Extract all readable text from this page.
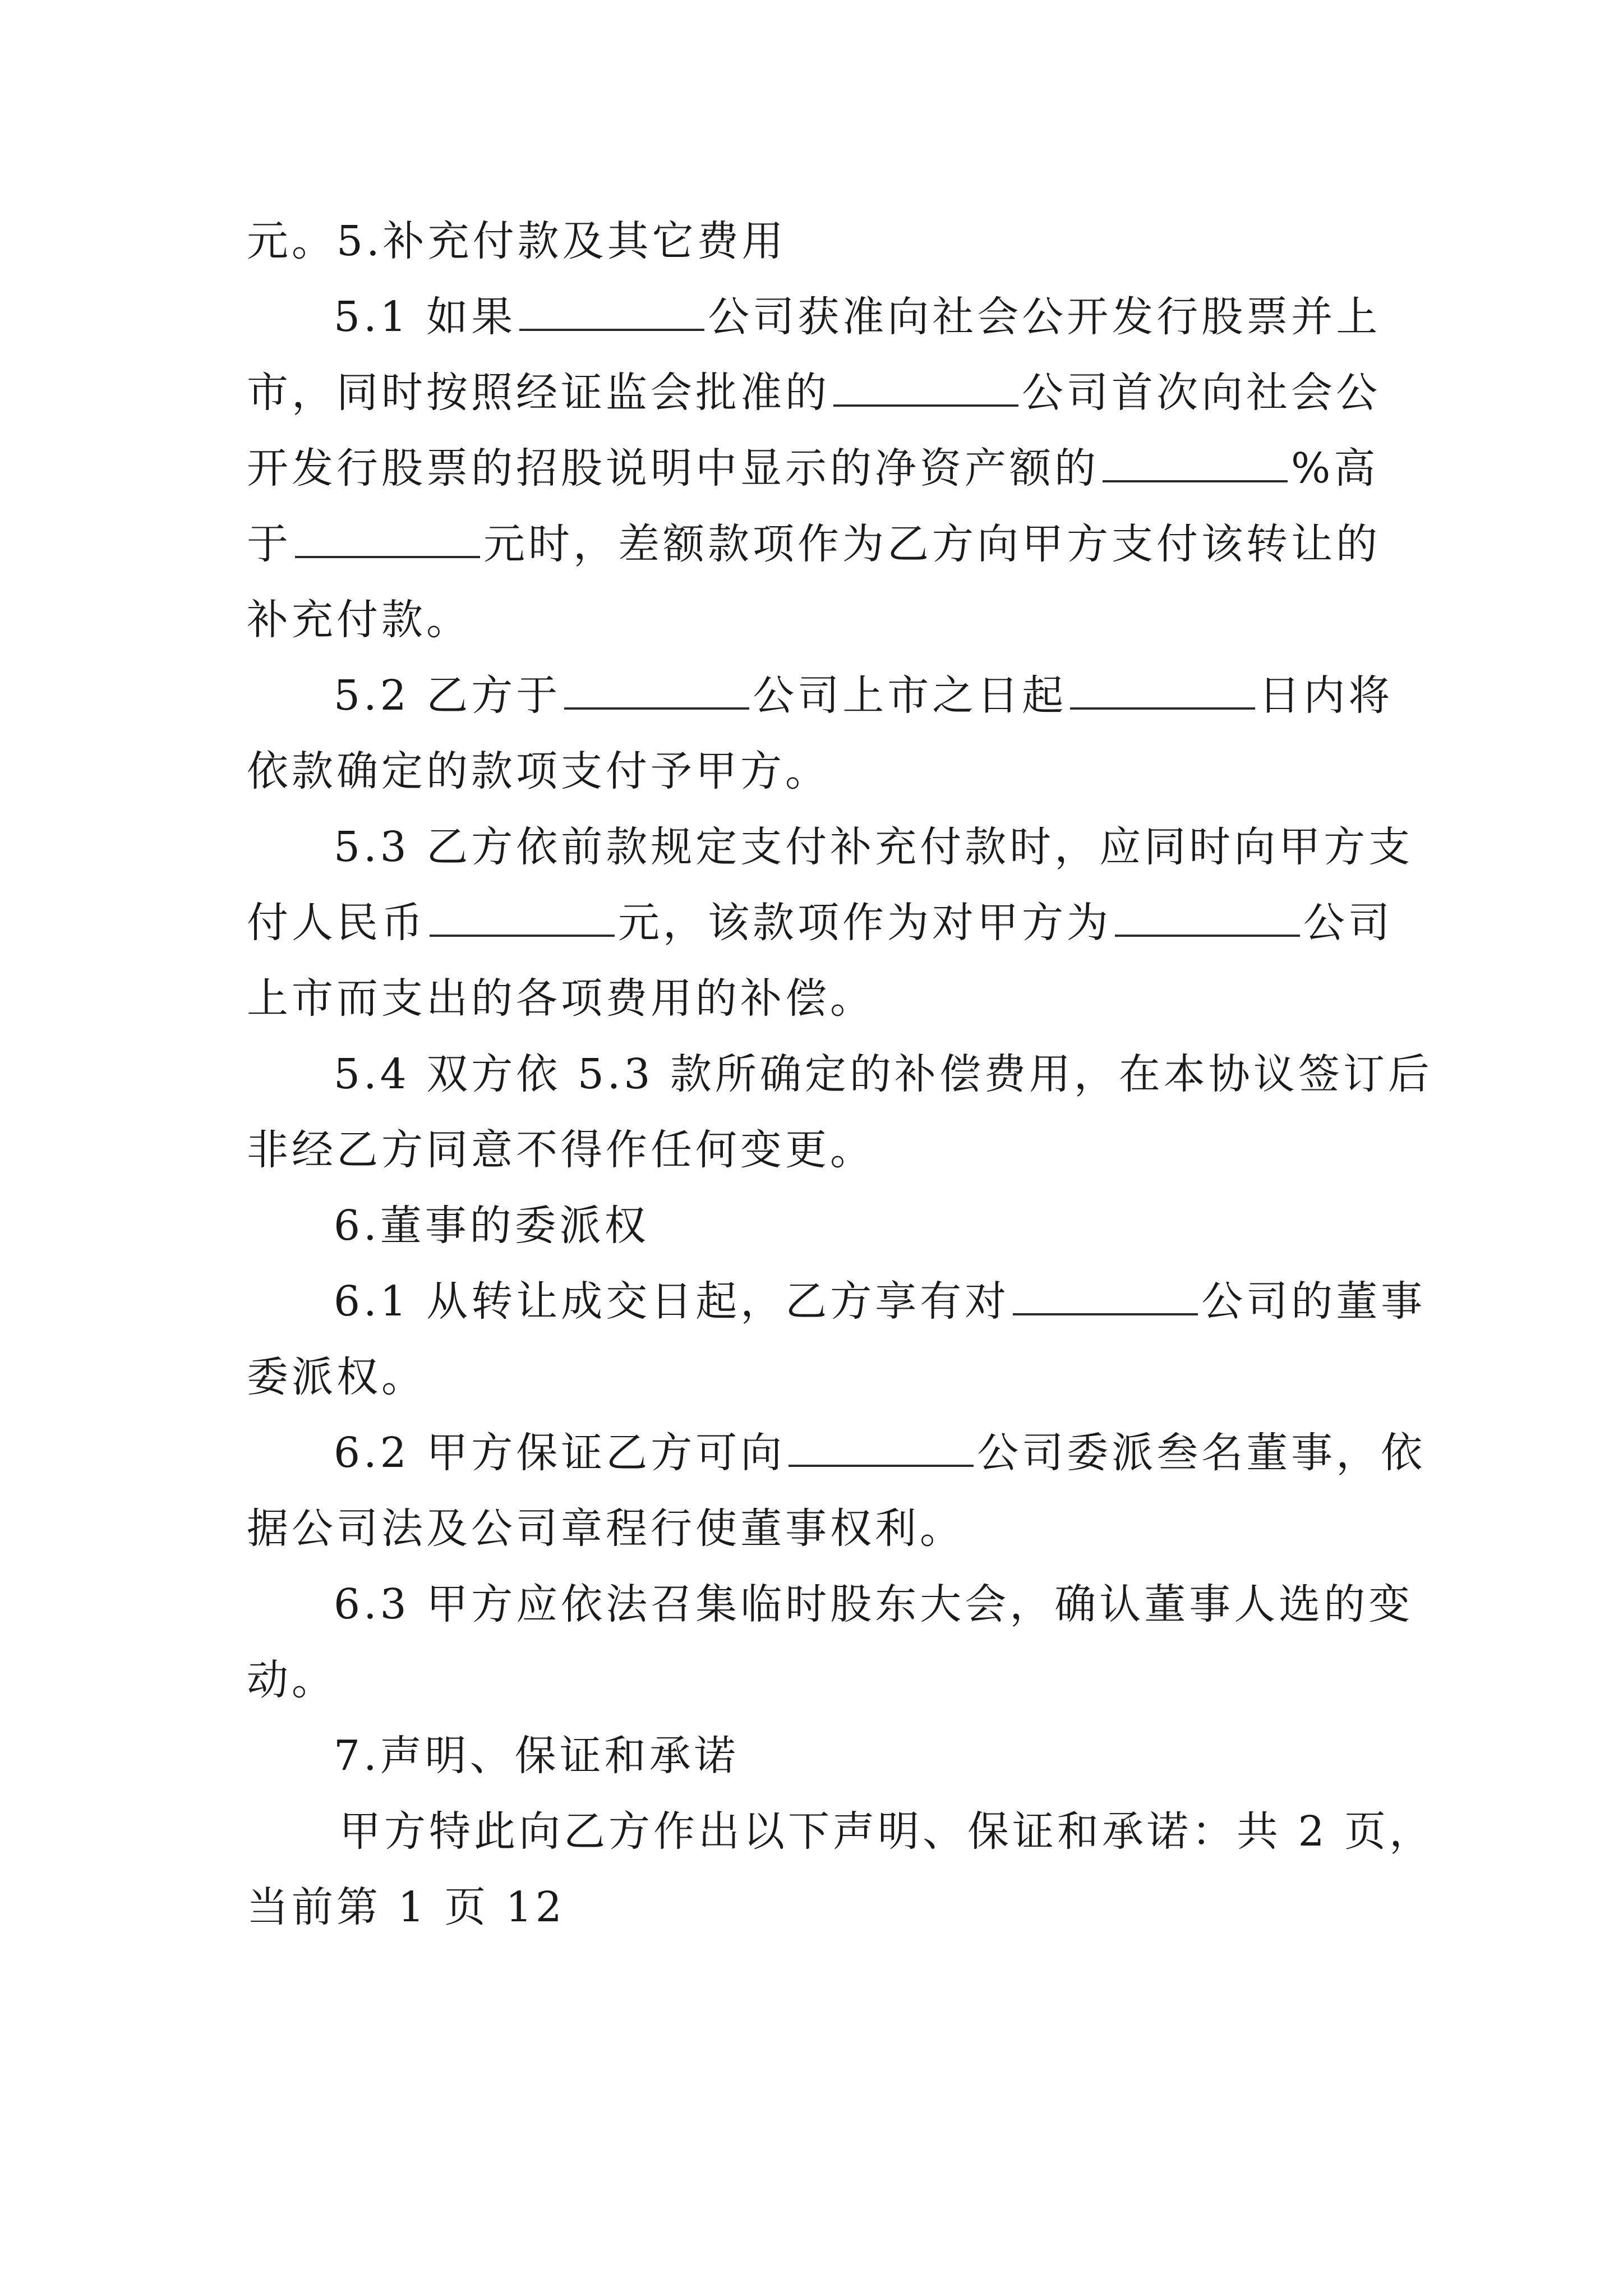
元。5.补充付款及其它费用
5.1 如果	公司获准向社会公开发行股票并上
市，同时按照经证监会批准的	公司首次向社会公
开发行股票的招股说明中显示的净资产额的	%高
于	元时，差额款项作为乙方向甲方支付该转让的
补充付款。
5.2 乙方于	公司上市之日起	日内将
依款确定的款项支付予甲方。
5.3 乙方依前款规定支付补充付款时，应同时向甲方支
付人民币	元，该款项作为对甲方为	公司
上市而支出的各项费用的补偿。
5.4 双方依 5.3 款所确定的补偿费用，在本协议签订后
非经乙方同意不得作任何变更。
6.董事的委派权
6.1 从转让成交日起，乙方享有对	公司的董事
委派权。
6.2 甲方保证乙方可向	公司委派叁名董事，依
据公司法及公司章程行使董事权利。
6.3 甲方应依法召集临时股东大会，确认董事人选的变
动。
7.声明、保证和承诺
甲方特此向乙方作出以下声明、保证和承诺：共 2 页，
当前第 1 页 12
